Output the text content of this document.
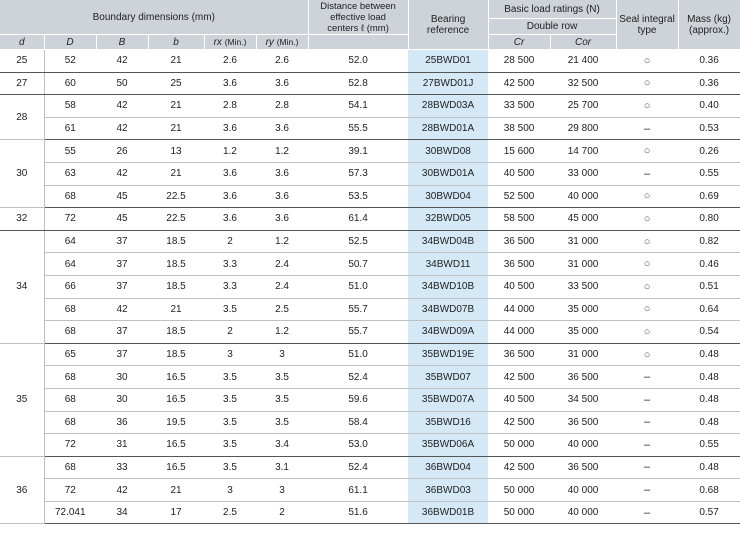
Boundary dimensions (mm)						Distance between
effective load
centers ℓ (mm)	Bearing
reference	Basic load ratings (N)		Seal integral
type	Mass (kg)
(approx.)
								Double row			
d	D	B	b	rx (Min.)	ry (Min.)			Cr	Cor		
25	52	42	21	2.6	2.6	52.0	25BWD01	28 500	21 400	○	0.36
27	60	50	25	3.6	3.6	52.8	27BWD01J	42 500	32 500	○	0.36
28	58	42	21	2.8	2.8	54.1	28BWD03A	33 500	25 700	○	0.40
	61	42	21	3.6	3.6	55.5	28BWD01A	38 500	29 800	–	0.53
30	55	26	13	1.2	1.2	39.1	30BWD08	15 600	14 700	○	0.26
	63	42	21	3.6	3.6	57.3	30BWD01A	40 500	33 000	–	0.55
	68	45	22.5	3.6	3.6	53.5	30BWD04	52 500	40 000	○	0.69
32	72	45	22.5	3.6	3.6	61.4	32BWD05	58 500	45 000	○	0.80
34	64	37	18.5	2	1.2	52.5	34BWD04B	36 500	31 000	○	0.82
	64	37	18.5	3.3	2.4	50.7	34BWD11	36 500	31 000	○	0.46
	66	37	18.5	3.3	2.4	51.0	34BWD10B	40 500	33 500	○	0.51
	68	42	21	3.5	2.5	55.7	34BWD07B	44 000	35 000	○	0.64
	68	37	18.5	2	1.2	55.7	34BWD09A	44 000	35 000	○	0.54
35	65	37	18.5	3	3	51.0	35BWD19E	36 500	31 000	○	0.48
	68	30	16.5	3.5	3.5	52.4	35BWD07	42 500	36 500	–	0.48
	68	30	16.5	3.5	3.5	59.6	35BWD07A	40 500	34 500	–	0.48
	68	36	19.5	3.5	3.5	58.4	35BWD16	42 500	36 500	–	0.48
	72	31	16.5	3.5	3.4	53.0	35BWD06A	50 000	40 000	–	0.55
36	68	33	16.5	3.5	3.1	52.4	36BWD04	42 500	36 500	–	0.48
	72	42	21	3	3	61.1	36BWD03	50 000	40 000	–	0.68
	72.041	34	17	2.5	2	51.6	36BWD01B	50 000	40 000	–	0.57
